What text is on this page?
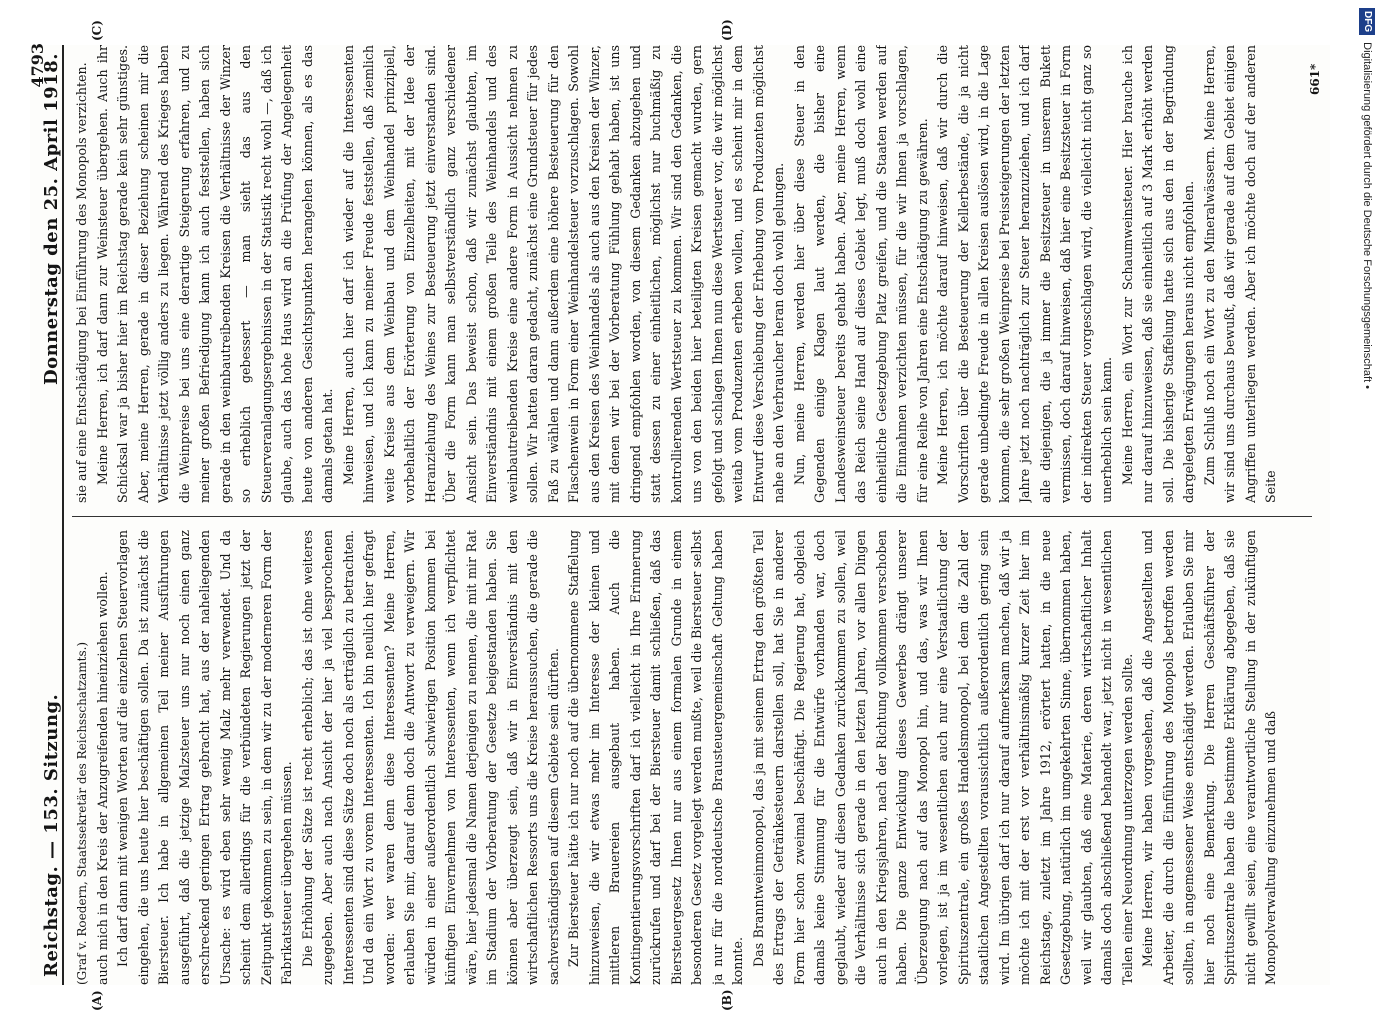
Reichstag. — 153. Sitzung.
Donnerstag den 25. April 1918.
4793
(A)	(B)
(C)	(D)

(Graf v. Roedern, Staatssekretär des Reichsschatzamts.) auch mich in den Kreis der Anzugreifenden hineinziehen wollen. Ich darf dann mit wenigen Worten auf die einzelnen Steuervorlagen eingehen, die uns heute hier beschäftigen sollen. Da ist zunächst die Biersteuer. Ich habe in allgemeinen Teil meiner Ausführungen ausgeführt, daß die jetzige Malzsteuer uns nur noch einen ganz erschreckend geringen Ertrag gebracht hat, aus der naheliegenden Ursache: es wird eben sehr wenig Malz mehr verwendet. Und da scheint dem allerdings für die verbündeten Regierungen jetzt der Zeitpunkt gekommen zu sein, in dem wir zu der moderneren Form der Fabrikatsteuer übergehen müssen. Die Erhöhung der Sätze ist recht erheblich; das ist ohne weiteres zugegeben. Aber auch nach Ansicht der hier ja viel besprochenen Interessenten sind diese Sätze doch noch als erträglich zu betrachten. Und da ein Wort zu vorem Interessenten. Ich bin neulich hier gefragt worden: wer waren denn diese Interessenten? Meine Herren, erlauben Sie mir, darauf denn doch die Antwort zu verweigern. Wir würden in einer außerordentlich schwierigen Position kommen bei künftigen Einvernehmen von Interessenten, wenn ich verpflichtet wäre, hier jedesmal die Namen derjenigen zu nennen, die mit mir Rat im Stadium der Vorberatung der Gesetze beigestanden haben. Sie können aber überzeugt sein, daß wir in Einverständnis mit den wirtschaftlichen Ressorts uns die Kreise heraussuchen, die gerade die sachverständigsten auf diesem Gebiete sein dürften. Zur Biersteuer hätte ich nur noch auf die übernommene Staffelung hinzuweisen, die wir etwas mehr im Interesse der kleinen und mittleren Brauereien ausgebaut haben. Auch die Kontingentierungsvorschriften darf ich vielleicht in Ihre Erinnerung zurückrufen und darf bei der Biersteuer damit schließen, daß das Biersteuergesetz Ihnen nur aus einem formalen Grunde in einem besonderen Gesetz vorgelegt werden mußte, weil die Biersteuer selbst ja nur für die norddeutsche Brausteuergemeinschaft Geltung haben konnte. Das Branntweinmonopol, das ja mit seinem Ertrag den größten Teil des Ertrags der Getränkesteuern darstellen soll, hat Sie in anderer Form hier schon zweimal beschäftigt. Die Regierung hat, obgleich damals keine Stimmung für die Entwürfe vorhanden war, doch geglaubt, wieder auf diesen Gedanken zurückkommen zu sollen, weil die Verhältnisse sich gerade in den letzten Jahren, vor allen Dingen auch in den Kriegsjahren, nach der Richtung vollkommen verschoben haben. Die ganze Entwicklung dieses Gewerbes drängt unserer Überzeugung nach auf das Monopol hin, und das, was wir Ihnen vorlegen, ist ja im wesentlichen auch nur eine Verstaatlichung der Spirituszentrale, ein großes Handelsmonopol, bei dem die Zahl der staatlichen Angestellten voraussichtlich außerordentlich gering sein wird. Im übrigen darf ich nur darauf aufmerksam machen, daß wir ja möchte ich mit der erst vor verhältnismäßig kurzer Zeit hier im Reichstage, zuletzt im Jahre 1912, erörtert hatten, in die neue Gesetzgebung, natürlich im umgekehrten Sinne, übernommen haben, weil wir glaubten, daß eine Materie, deren wirtschaftlicher Inhalt damals doch abschließend behandelt war, jetzt nicht in wesentlichen Teilen einer Neuordnung unterzogen werden sollte. Meine Herren, wir haben vorgesehen, daß die Angestellten und Arbeiter, die durch die Einführung des Monopols betroffen werden sollten, in angemessener Weise entschädigt werden. Erlauben Sie mir hier noch eine Bemerkung. Die Herren Geschäftsführer der Spirituszentrale haben die bestimmte Erklärung abgegeben, daß sie nicht gewillt seien, eine verantwortliche Stellung in der zukünftigen Monopolverwaltung einzunehmen und daß

sie auf eine Entschädigung bei Einführung des Monopols verzichten. Meine Herren, ich darf dann zur Weinsteuer übergehen. Auch ihr Schicksal war ja bisher hier im Reichstag gerade kein sehr günstiges. Aber, meine Herren, gerade in dieser Beziehung scheinen mir die Verhältnisse jetzt völlig anders zu liegen. Während des Krieges haben die Weinpreise bei uns eine derartige Steigerung erfahren, und zu meiner großen Befriedigung kann ich auch feststellen, haben sich gerade in den weinbautreibenden Kreisen die Verhältnisse der Winzer so erheblich gebessert — man sieht das aus den Steuerveranlagungsergebnissen in der Statistik recht wohl —, daß ich glaube, auch das hohe Haus wird an die Prüfung der Angelegenheit heute von anderen Gesichtspunkten herangehen können, als es das damals getan hat. Meine Herren, auch hier darf ich wieder auf die Interessenten hinweisen, und ich kann zu meiner Freude feststellen, daß ziemlich weite Kreise aus dem Weinbau und dem Weinhandel prinzipiell, vorbehaltlich der Erörterung von Einzelheiten, mit der Idee der Heranziehung des Weines zur Besteuerung jetzt einverstanden sind. Über die Form kann man selbstverständlich ganz verschiedener Ansicht sein. Das beweist schon, daß wir zunächst glaubten, im Einverständnis mit einem großen Teile des Weinhandels und des weinbautreibenden Kreise eine andere Form in Aussicht nehmen zu sollen. Wir hatten daran gedacht, zunächst eine Grundsteuer für jedes Faß zu wählen und dann außerdem eine höhere Besteuerung für den Flaschenwein in Form einer Weinhandelsteuer vorzuschlagen. Sowohl aus den Kreisen des Weinhandels als auch aus den Kreisen der Winzer, mit denen wir bei der Vorberatung Fühlung gehabt haben, ist uns dringend empfohlen worden, von diesem Gedanken abzugehen und statt dessen zu einer einheitlichen, möglichst nur buchmäßig zu kontrollierenden Wertsteuer zu kommen. Wir sind den Gedanken, die uns von den beiden hier beteiligten Kreisen gemacht wurden, gern gefolgt und schlagen Ihnen nun diese Wertsteuer vor, die wir möglichst weitab vom Produzenten erheben wollen, und es scheint mir in dem Entwurf diese Verschiebung der Erhebung vom Produzenten möglichst nahe an den Verbraucher heran doch wohl gelungen. Nun, meine Herren, werden hier über diese Steuer in den Gegenden einige Klagen laut werden, die bisher eine Landesweinsteuer bereits gehabt haben. Aber, meine Herren, wenn das Reich seine Hand auf dieses Gebiet legt, muß doch wohl eine einheitliche Gesetzgebung Platz greifen, und die Staaten werden auf die Einnahmen verzichten müssen, für die wir Ihnen ja vorschlagen, für eine Reihe von Jahren eine Entschädigung zu gewähren. Meine Herren, ich möchte darauf hinweisen, daß wir durch die Vorschriften über die Besteuerung der Kellerbestände, die ja nicht gerade unbedingte Freude in allen Kreisen auslösen wird, in die Lage kommen, die sehr großen Weinpreise bei Preissteigerungen der letzten Jahre jetzt noch nachträglich zur Steuer heranzuziehen, und ich darf alle diejenigen, die ja immer die Besitzsteuer in unserem Bukett vermissen, doch darauf hinweisen, daß hier eine Besitzsteuer in Form der indirekten Steuer vorgeschlagen wird, die vielleicht nicht ganz so unerheblich sein kann. Meine Herren, ein Wort zur Schaumweinsteuer. Hier brauche ich nur darauf hinzuweisen, daß sie einheitlich auf 3 Mark erhöht werden soll. Die bisherige Staffelung hatte sich aus den in der Begründung dargelegten Erwägungen heraus nicht empfohlen. Zum Schluß noch ein Wort zu den Mineralwässern. Meine Herren, wir sind uns durchaus bewußt, daß wir gerade auf dem Gebiet einigen Angriffen unterliegen werden. Aber ich möchte doch auf der anderen Seite

661*
DFG Digitalisierung gefördert durch die Deutsche Forschungsgemeinschaft •
